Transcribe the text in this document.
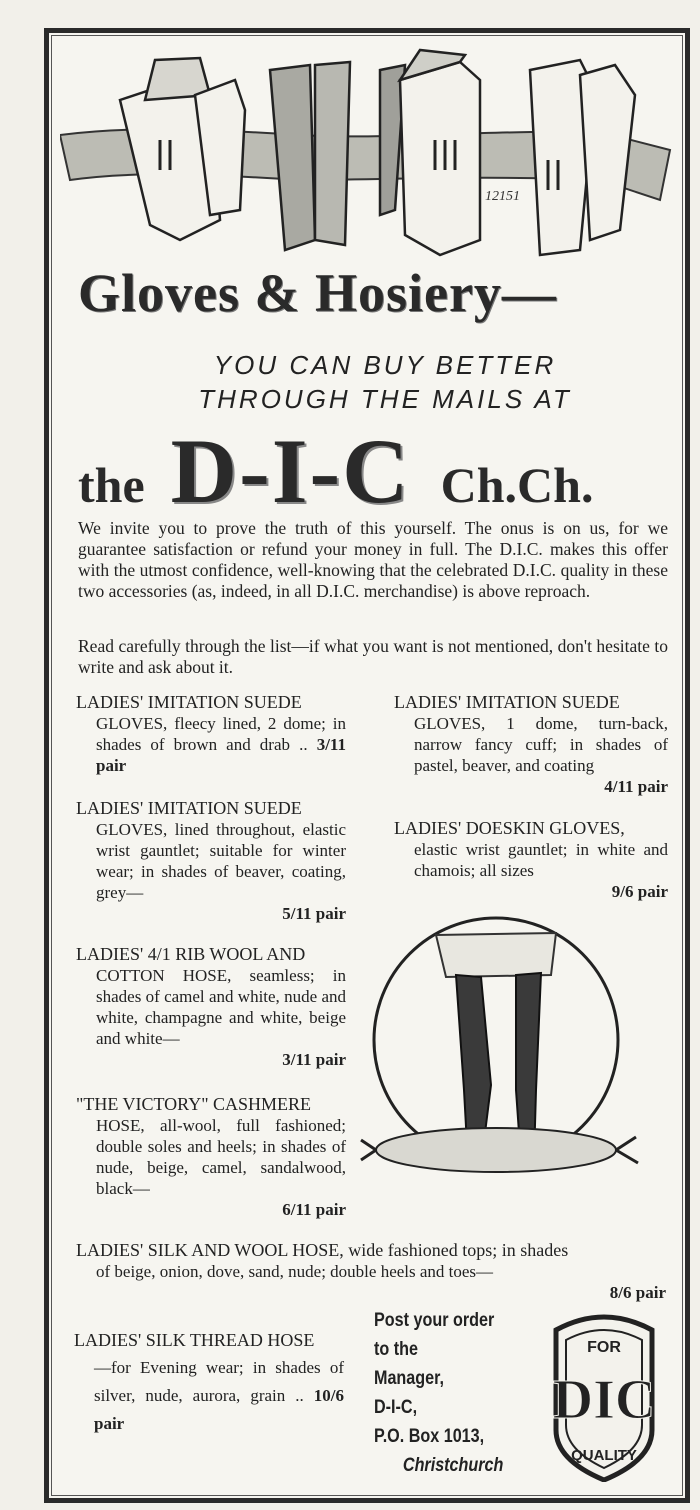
12151
Gloves & Hosiery—
YOU CAN BUY BETTER
THROUGH THE MAILS AT
the D-I-C Ch.Ch.
We invite you to prove the truth of this yourself. The onus is on us, for we guarantee satisfaction or refund your money in full. The D.I.C. makes this offer with the utmost confidence, well-knowing that the celebrated D.I.C. quality in these two accessories (as, indeed, in all D.I.C. merchandise) is above reproach.
Read carefully through the list—if what you want is not mentioned, don't hesitate to write and ask about it.
LADIES' IMITATION SUEDE
GLOVES, fleecy lined, 2 dome; in shades of brown and drab .. 3/11 pair
LADIES' IMITATION SUEDE
GLOVES, 1 dome, turn-back, narrow fancy cuff; in shades of pastel, beaver, and coating
4/11 pair
LADIES' IMITATION SUEDE
GLOVES, lined throughout, elastic wrist gauntlet; suitable for winter wear; in shades of beaver, coating, grey—
5/11 pair
LADIES' DOESKIN GLOVES,
elastic wrist gauntlet; in white and chamois; all sizes
9/6 pair
LADIES' 4/1 RIB WOOL AND
COTTON HOSE, seamless; in shades of camel and white, nude and white, champagne and white, beige and white—
3/11 pair
"THE VICTORY" CASHMERE
HOSE, all-wool, full fashioned; double soles and heels; in shades of nude, beige, camel, sandalwood, black—
6/11 pair
LADIES' SILK AND WOOL HOSE, wide fashioned tops; in shades
of beige, onion, dove, sand, nude; double heels and toes—
8/6 pair
LADIES' SILK THREAD HOSE
—for Evening wear; in shades of silver, nude, aurora, grain .. 10/6 pair
Post your order
to the
Manager,
D-I-C,
P.O. Box 1013,
Christchurch
FOR
DIC
QUALITY
